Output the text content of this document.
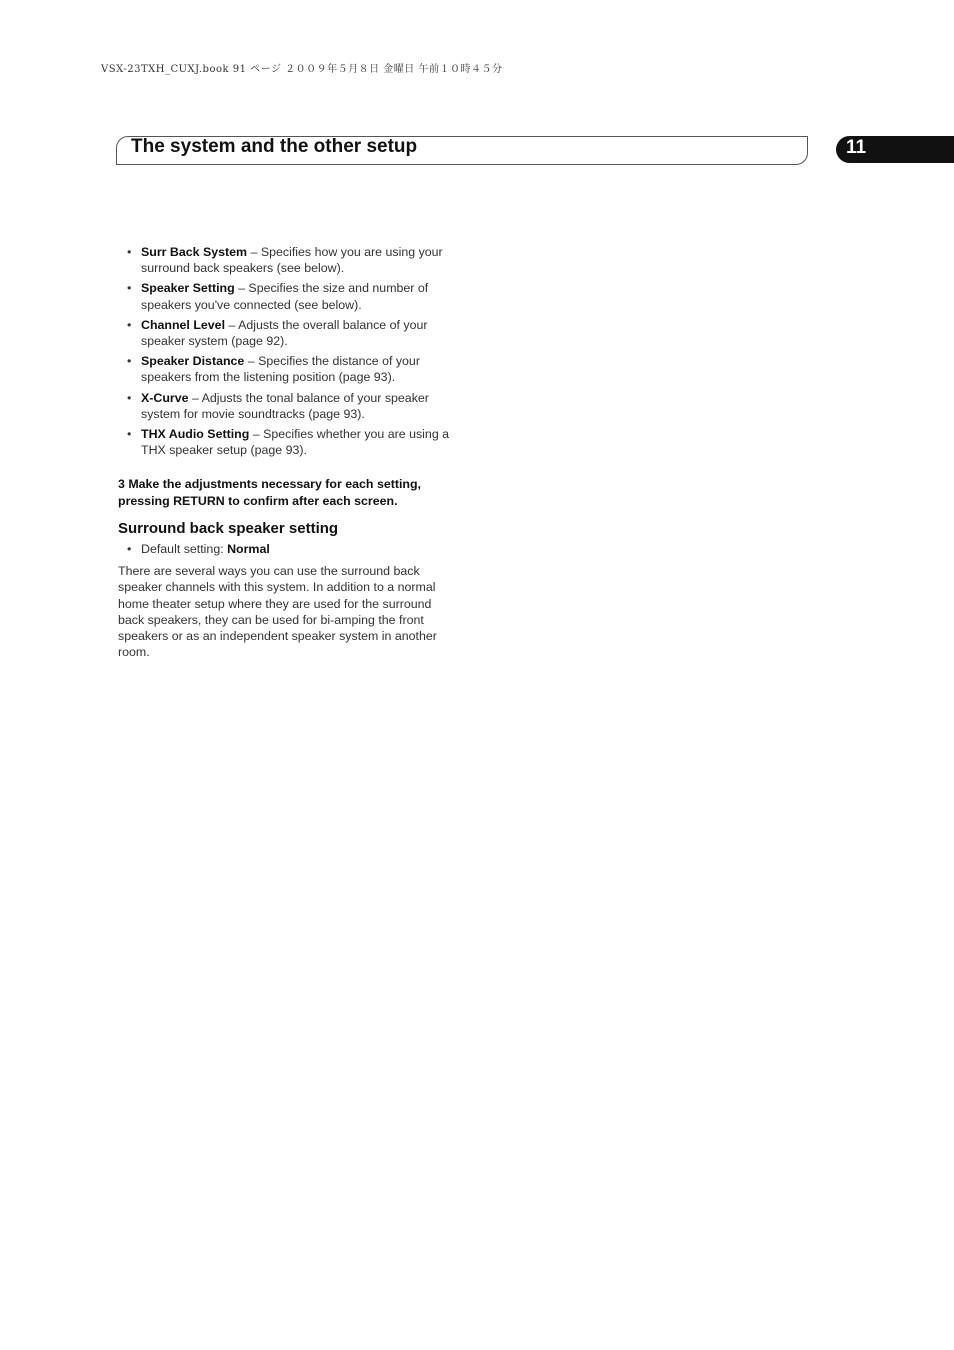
VSX-23TXH_CUXJ.book 91 ページ ２００９年５月８日 金曜日 午前１０時４５分
The system and the other setup	11
• Surr Back System – Specifies how you are using your surround back speakers (see below).
• Speaker Setting – Specifies the size and number of speakers you've connected (see below).
• Channel Level – Adjusts the overall balance of your speaker system (page 92).
• Speaker Distance – Specifies the distance of your speakers from the listening position (page 93).
• X-Curve – Adjusts the tonal balance of your speaker system for movie soundtracks (page 93).
• THX Audio Setting – Specifies whether you are using a THX speaker setup (page 93).
3 Make the adjustments necessary for each setting, pressing RETURN to confirm after each screen.
Surround back speaker setting
• Default setting: Normal
There are several ways you can use the surround back speaker channels with this system. In addition to a normal home theater setup where they are used for the surround back speakers, they can be used for bi-amping the front speakers or as an independent speaker system in another room.
